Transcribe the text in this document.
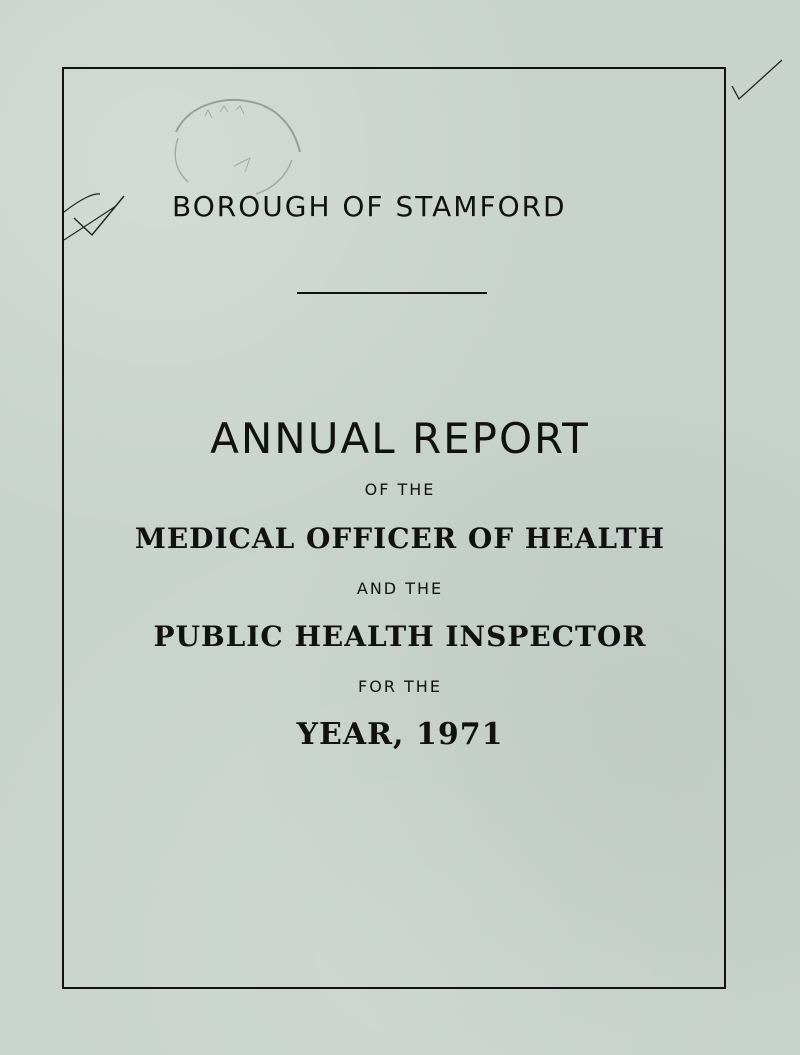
BOROUGH OF STAMFORD
ANNUAL REPORT
OF THE
MEDICAL OFFICER OF HEALTH
AND THE
PUBLIC HEALTH INSPECTOR
FOR THE
YEAR, 1971
